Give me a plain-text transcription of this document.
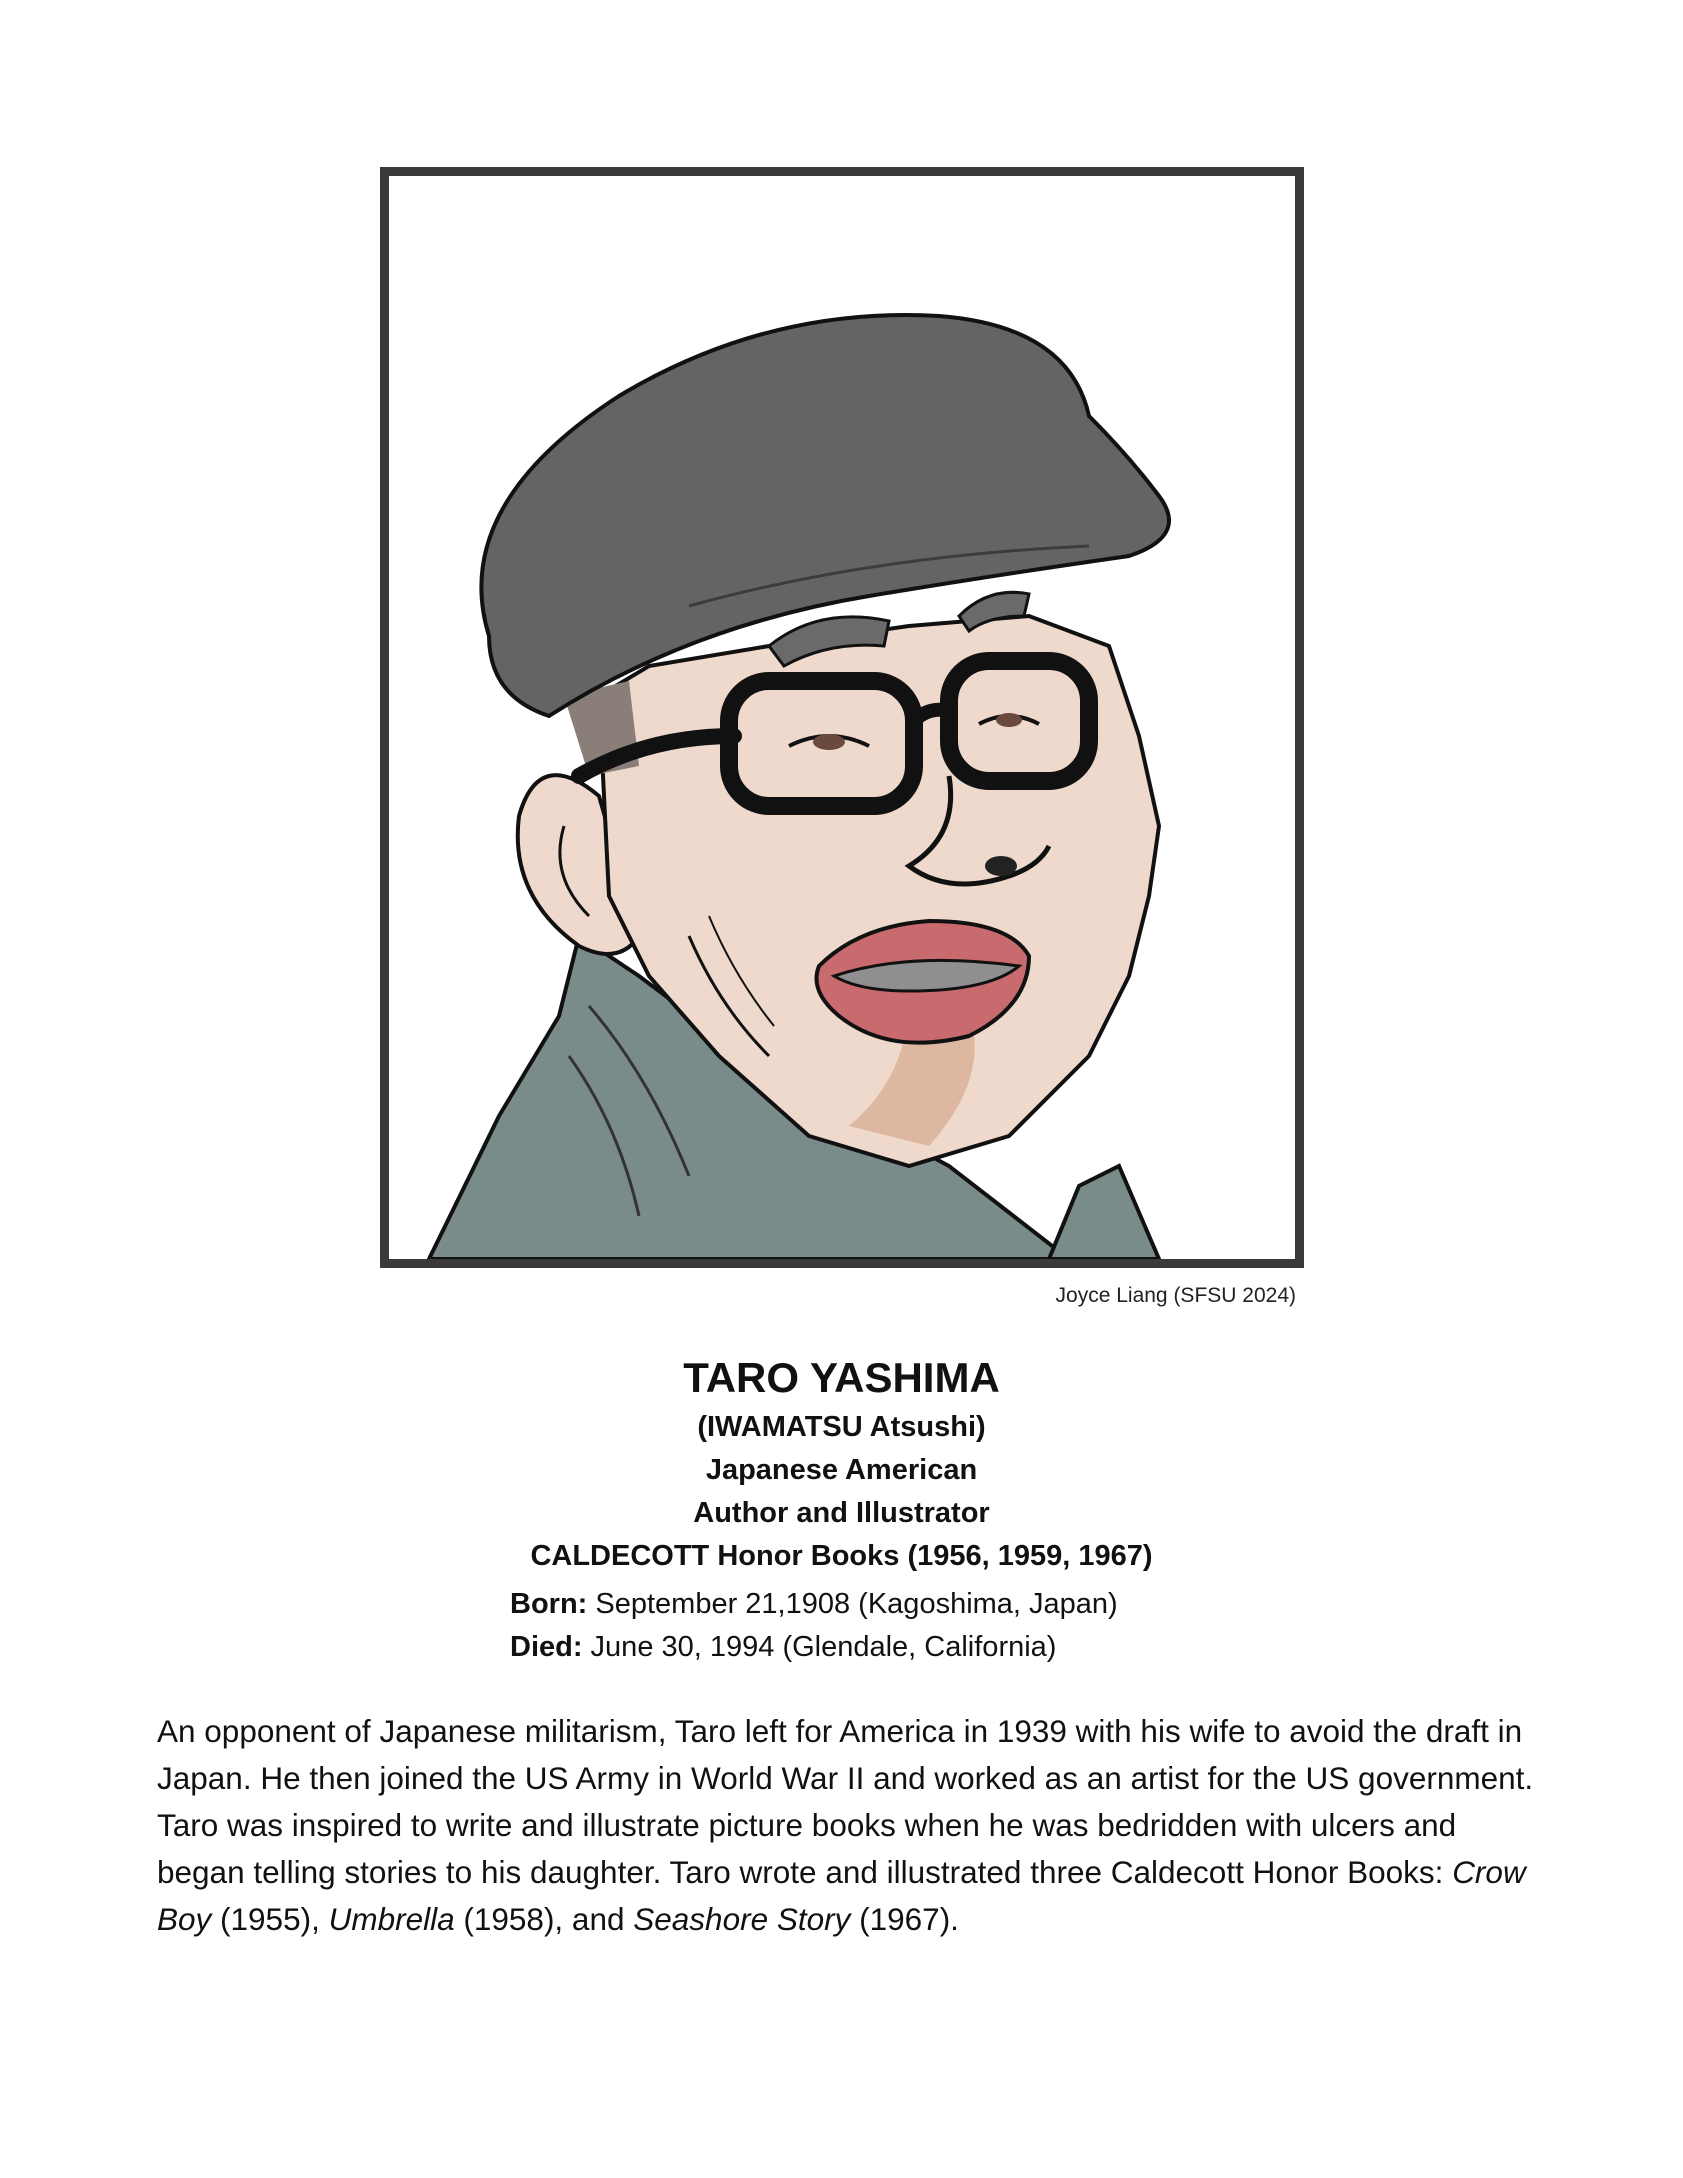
Joyce Liang (SFSU 2024)
TARO YASHIMA
(IWAMATSU Atsushi)
Japanese American
Author and Illustrator
CALDECOTT Honor Books (1956, 1959, 1967)
Born: September 21,1908 (Kagoshima, Japan)
Died: June 30, 1994 (Glendale, California)

An opponent of Japanese militarism, Taro left for America in 1939 with his wife to avoid the draft in Japan. He then joined the US Army in World War II and worked as an artist for the US government. Taro was inspired to write and illustrate picture books when he was bedridden with ulcers and began telling stories to his daughter. Taro wrote and illustrated three Caldecott Honor Books: Crow Boy (1955), Umbrella (1958), and Seashore Story (1967).
